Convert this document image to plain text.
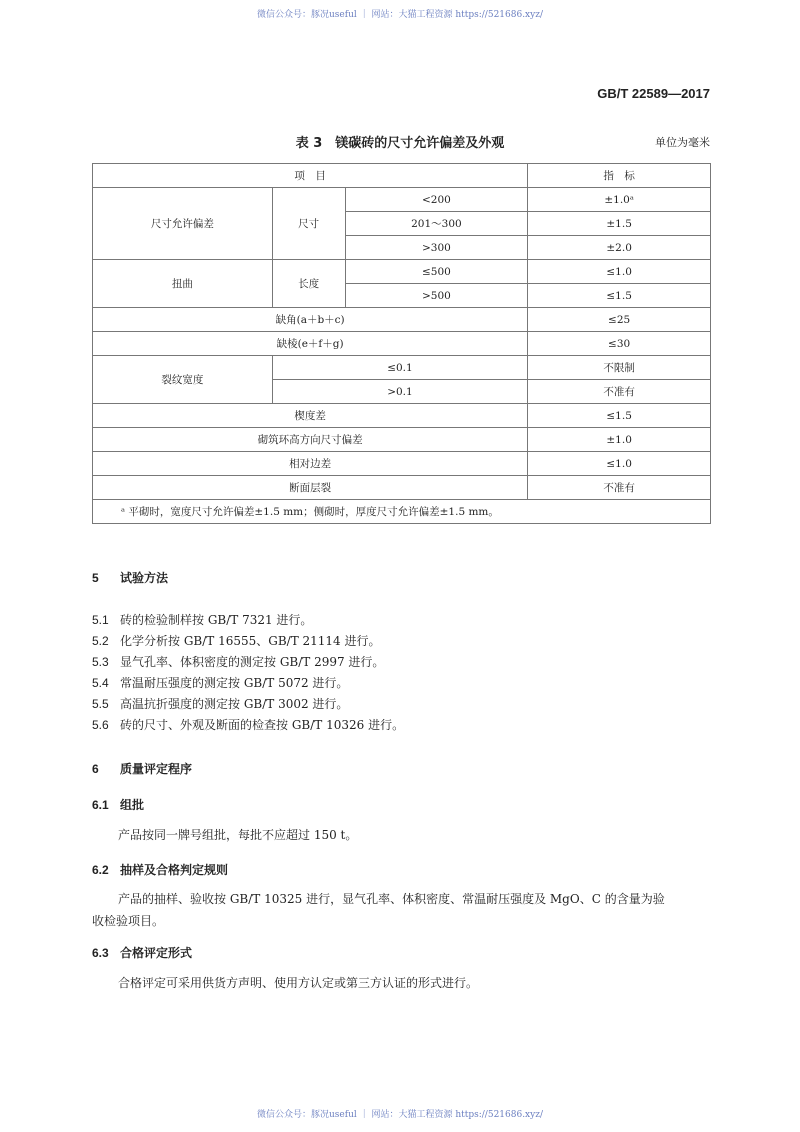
微信公众号：豚况useful ｜ 网站：大猫工程资源 https://521686.xyz/
GB/T 22589—2017
表 3　镁碳砖的尺寸允许偏差及外观	单位为毫米
项　目			指　标
尺寸允许偏差	尺寸	<200	±1.0ᵃ
		201～300	±1.5
		>300	±2.0
扭曲	长度	≤500	≤1.0
		>500	≤1.5
缺角(a＋b＋c)			≤25
缺棱(e＋f＋g)			≤30
裂纹宽度	≤0.1		不限制
	>0.1		不准有
楔度差			≤1.5
砌筑环高方向尺寸偏差			±1.0
相对边差			≤1.0
断面层裂			不准有
ᵃ 平砌时，宽度尺寸允许偏差±1.5 mm；侧砌时，厚度尺寸允许偏差±1.5 mm。			
5 试验方法
5.1 砖的检验制样按 GB/T 7321 进行。
5.2 化学分析按 GB/T 16555、GB/T 21114 进行。
5.3 显气孔率、体积密度的测定按 GB/T 2997 进行。
5.4 常温耐压强度的测定按 GB/T 5072 进行。
5.5 高温抗折强度的测定按 GB/T 3002 进行。
5.6 砖的尺寸、外观及断面的检查按 GB/T 10326 进行。
6 质量评定程序
6.1 组批
产品按同一牌号组批，每批不应超过 150 t。
6.2 抽样及合格判定规则
产品的抽样、验收按 GB/T 10325 进行，显气孔率、体积密度、常温耐压强度及 MgO、C 的含量为验
收检验项目。
6.3 合格评定形式
合格评定可采用供货方声明、使用方认定或第三方认证的形式进行。
微信公众号：豚况useful ｜ 网站：大猫工程资源 https://521686.xyz/
